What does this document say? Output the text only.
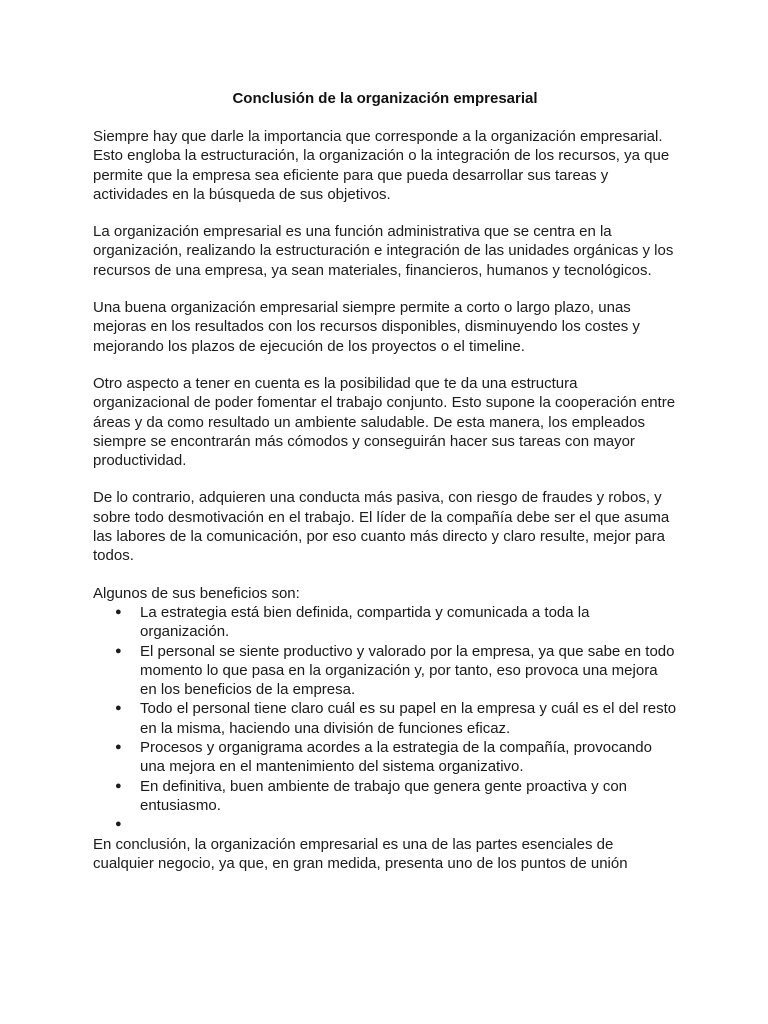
Conclusión de la organización empresarial

Siempre hay que darle la importancia que corresponde a la organización empresarial. Esto engloba la estructuración, la organización o la integración de los recursos, ya que permite que la empresa sea eficiente para que pueda desarrollar sus tareas y actividades en la búsqueda de sus objetivos.

La organización empresarial es una función administrativa que se centra en la organización, realizando la estructuración e integración de las unidades orgánicas y los recursos de una empresa, ya sean materiales, financieros, humanos y tecnológicos.

Una buena organización empresarial siempre permite a corto o largo plazo, unas mejoras en los resultados con los recursos disponibles, disminuyendo los costes y mejorando los plazos de ejecución de los proyectos o el timeline.

Otro aspecto a tener en cuenta es la posibilidad que te da una estructura organizacional de poder fomentar el trabajo conjunto. Esto supone la cooperación entre áreas y da como resultado un ambiente saludable. De esta manera, los empleados siempre se encontrarán más cómodos y conseguirán hacer sus tareas con mayor productividad.

De lo contrario, adquieren una conducta más pasiva, con riesgo de fraudes y robos, y sobre todo desmotivación en el trabajo. El líder de la compañía debe ser el que asuma las labores de la comunicación, por eso cuanto más directo y claro resulte, mejor para todos.

Algunos de sus beneficios son:

● La estrategia está bien definida, compartida y comunicada a toda la organización.
● El personal se siente productivo y valorado por la empresa, ya que sabe en todo momento lo que pasa en la organización y, por tanto, eso provoca una mejora en los beneficios de la empresa.
● Todo el personal tiene claro cuál es su papel en la empresa y cuál es el del resto en la misma, haciendo una división de funciones eficaz.
● Procesos y organigrama acordes a la estrategia de la compañía, provocando una mejora en el mantenimiento del sistema organizativo.
● En definitiva, buen ambiente de trabajo que genera gente proactiva y con entusiasmo.
●

En conclusión, la organización empresarial es una de las partes esenciales de cualquier negocio, ya que, en gran medida, presenta uno de los puntos de unión
